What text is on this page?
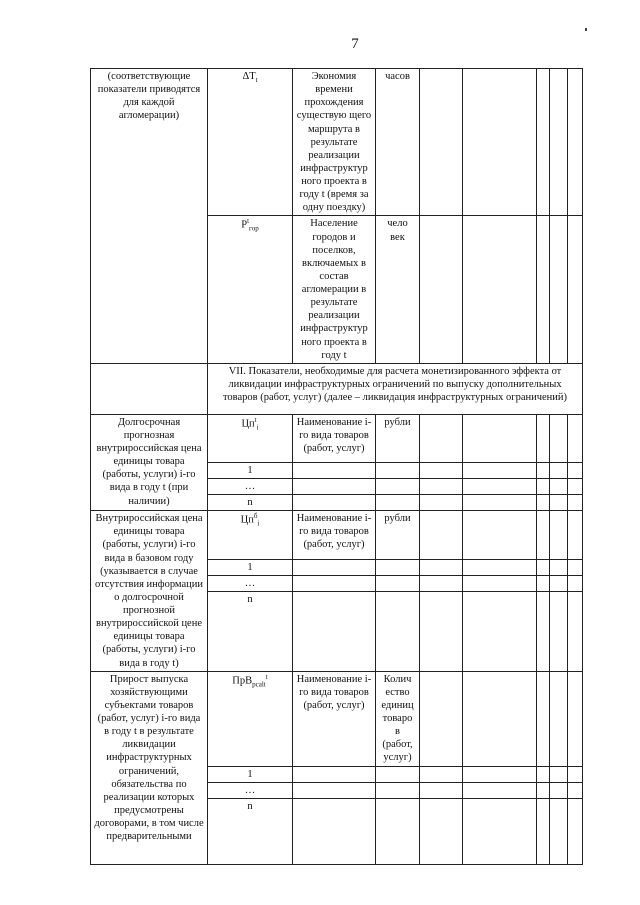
7
(соответствующие показатели приводятся для каждой агломерации)	$\Delta T_t$	Экономия времени прохождения существую щего маршрута в результате реализации инфраструктур ного проекта в году t (время за одну поездку)	часов					
	$P^t_{гор}$	Население городов и поселков, включаемых в состав агломерации в результате реализации инфраструктур ного проекта в году t	чело век					
	VII. Показатели, необходимые для расчета монетизированного эффекта от ликвидации инфраструктурных ограничений по выпуску дополнительных товаров (работ, услуг) (далее – ликвидация инфраструктурных ограничений)							
Долгосрочная прогнозная внутрироссийская цена единицы товара (работы, услуги) i-го вида в году t (при наличии)	$Цп^t_i$	Наименование i-го вида товаров (работ, услуг)	рубли					
	1							
	…							
	n							
Внутрироссийская цена единицы товара (работы, услуги) i-го вида в базовом году (указывается в случае отсутствия информации о долгосрочной прогнозной внутрироссийской цене единицы товара (работы, услуги) i-го вида в году t)	$Цп^б_i$	Наименование i-го вида товаров (работ, услуг)	рубли					
	1							
	…							
	n							
Прирост выпуска хозяйствующими субъектами товаров (работ, услуг) i-го вида в году t в результате ликвидации инфраструктурных ограничений, обязательства по реализации которых предусмотрены договорами, в том числе предварительными	ПрВ$_{рсalt}^t$	Наименование i-го вида товаров (работ, услуг)	Колич ество единиц товаро в (работ, услуг)					
	1							
	…							
	n							
